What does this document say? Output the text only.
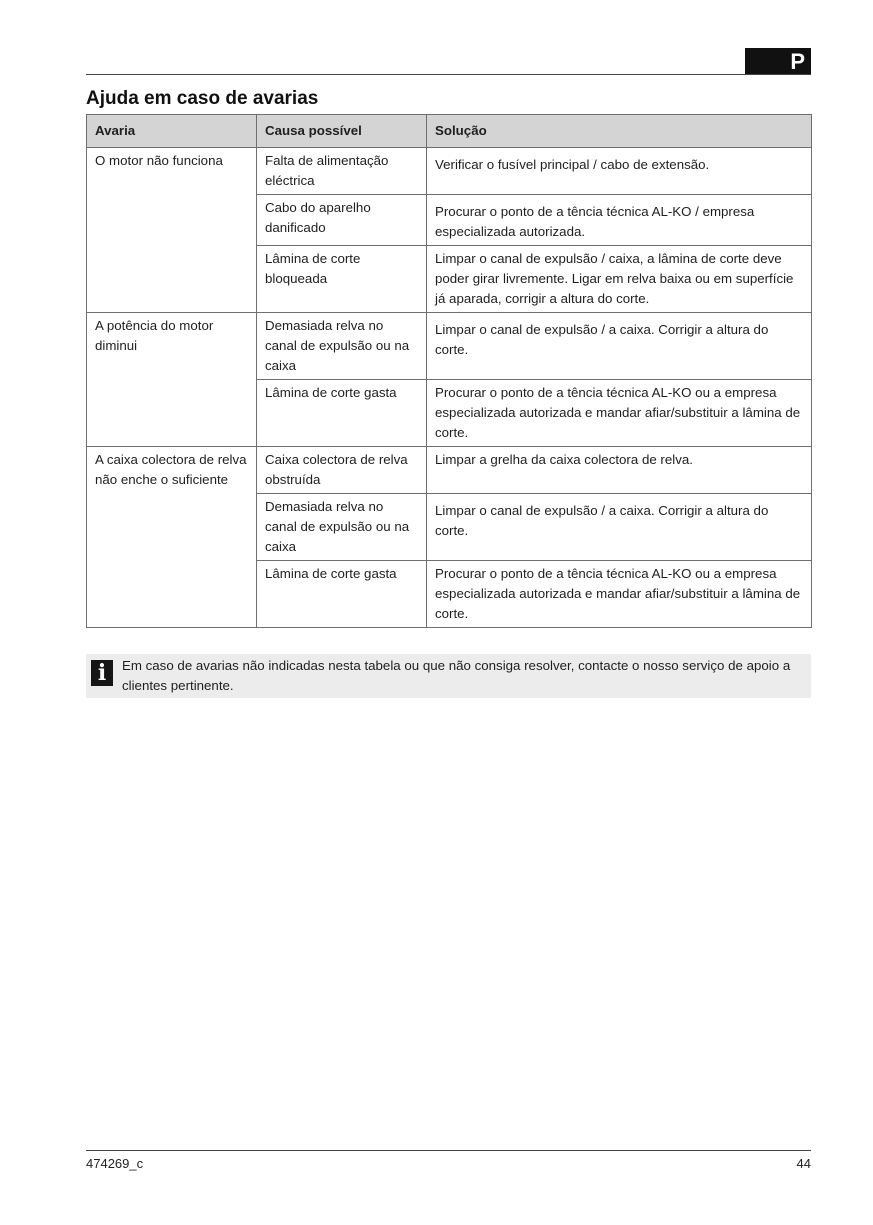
P
Ajuda em caso de avarias
Avaria	Causa possível	Solução
O motor não funciona	Falta de alimentação eléctrica	Verificar o fusível principal / cabo de extensão.
	Cabo do aparelho danificado	Procurar o ponto de a tência técnica AL-KO / empresa especializada autorizada.
	Lâmina de corte bloqueada	Limpar o canal de expulsão / caixa, a lâmina de corte deve poder girar livremente. Ligar em relva baixa ou em superfície já aparada, corrigir a altura do corte.
A potência do motor diminui	Demasiada relva no canal de expulsão ou na caixa	Limpar o canal de expulsão / a caixa. Corrigir a altura do corte.
	Lâmina de corte gasta	Procurar o ponto de a tência técnica AL-KO ou a empresa especializada autorizada e mandar afiar/substituir a lâmina de corte.
A caixa colectora de relva não enche o suficiente	Caixa colectora de relva obstruída	Limpar a grelha da caixa colectora de relva.
	Demasiada relva no canal de expulsão ou na caixa	Limpar o canal de expulsão / a caixa. Corrigir a altura do corte.
	Lâmina de corte gasta	Procurar o ponto de a tência técnica AL-KO ou a empresa especializada autorizada e mandar afiar/substituir a lâmina de corte.
i	Em caso de avarias não indicadas nesta tabela ou que não consiga resolver, contacte o nosso serviço de apoio a clientes pertinente.
474269_c	44
